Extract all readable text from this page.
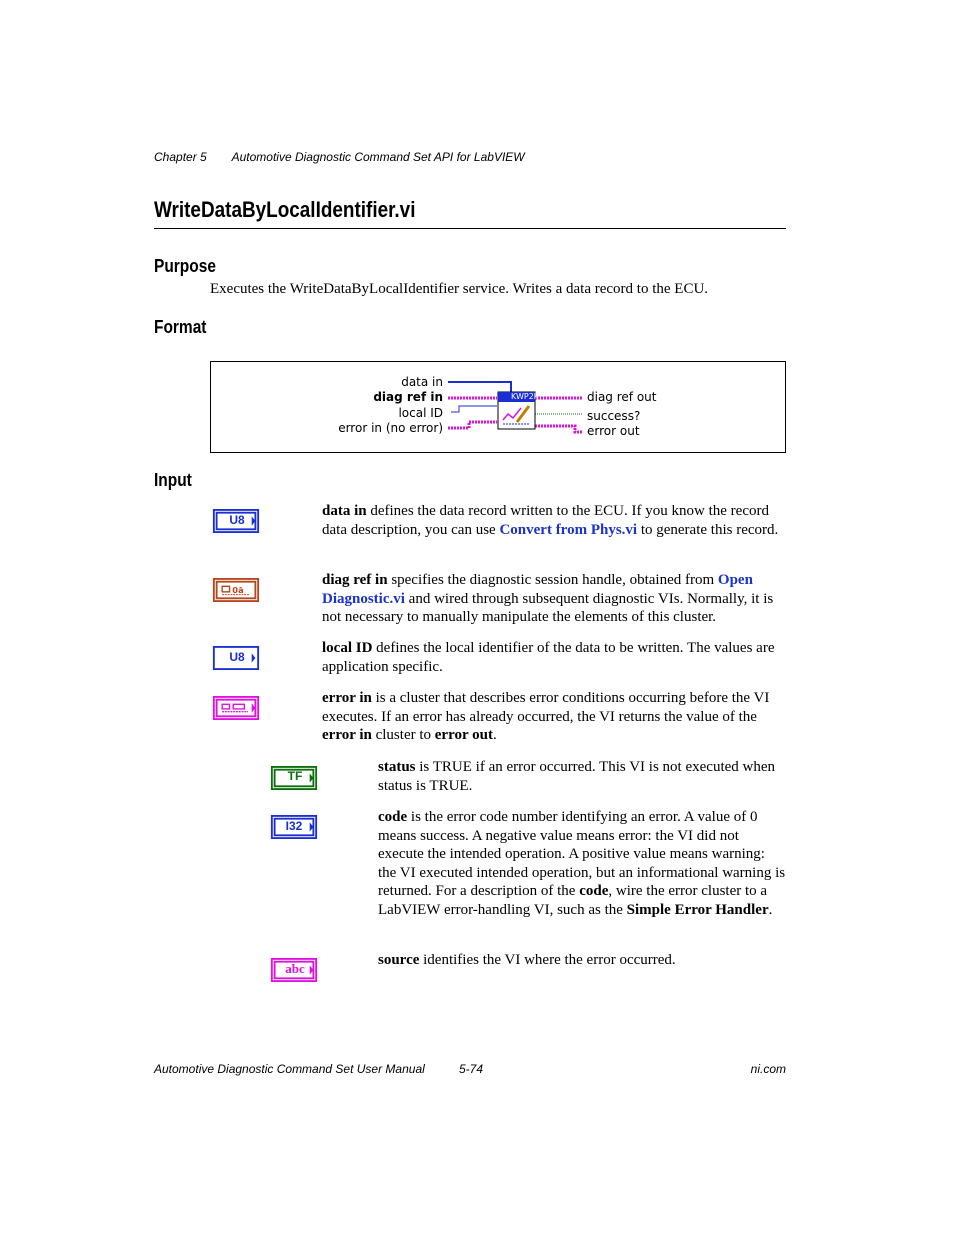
Chapter 5 Automotive Diagnostic Command Set API for LabVIEW
WriteDataByLocalIdentifier.vi
Purpose
Executes the WriteDataByLocalIdentifier service. Writes a data record to the ECU.
Format
KWP2k
data in
diag ref in
local ID
error in (no error)
diag ref out
success?
error out
Input
U8
data in defines the data record written to the ECU. If you know the record data description, you can use Convert from Phys.vi to generate this record.
0ā
diag ref in specifies the diagnostic session handle, obtained from Open Diagnostic.vi and wired through subsequent diagnostic VIs. Normally, it is not necessary to manually manipulate the elements of this cluster.
U8
local ID defines the local identifier of the data to be written. The values are application specific.
error in is a cluster that describes error conditions occurring before the VI executes. If an error has already occurred, the VI returns the value of the error in cluster to error out.
TF
status is TRUE if an error occurred. This VI is not executed when status is TRUE.
I32
code is the error code number identifying an error. A value of 0 means success. A negative value means error: the VI did not execute the intended operation. A positive value means warning: the VI executed intended operation, but an informational warning is returned. For a description of the code, wire the error cluster to a LabVIEW error-handling VI, such as the Simple Error Handler.
abc
source identifies the VI where the error occurred.
Automotive Diagnostic Command Set User Manual	5-74	ni.com
